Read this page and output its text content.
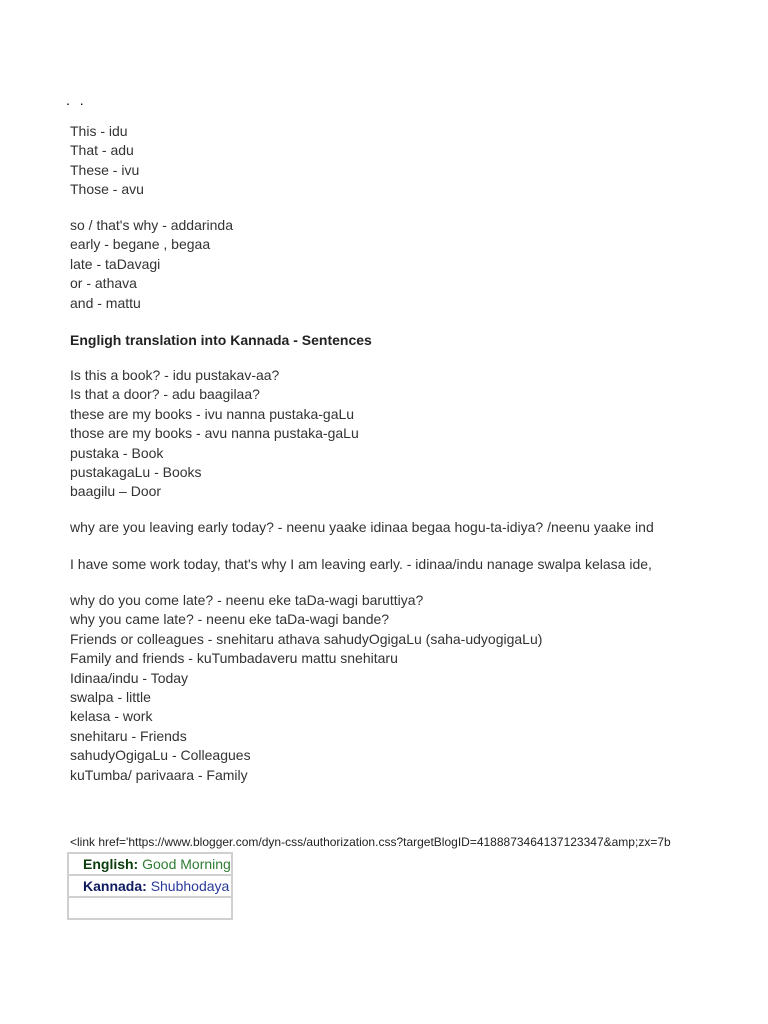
. .
This - idu
That - adu
These - ivu
Those - avu
so / that's why - addarinda
early - begane , begaa
late - taDavagi
or - athava
and - mattu
Engligh translation into Kannada - Sentences
Is this a book? - idu pustakav-aa?
Is that a door? - adu baagilaa?
these are my books - ivu nanna pustaka-gaLu
those are my books - avu nanna pustaka-gaLu
pustaka - Book
pustakagaLu - Books
baagilu – Door
why are you leaving early today? - neenu yaake idinaa begaa hogu-ta-idiya? /neenu yaake ind
I have some work today, that's why I am leaving early. - idinaa/indu nanage swalpa kelasa ide,
why do you come late? - neenu eke taDa-wagi baruttiya?
why you came late? - neenu eke taDa-wagi bande?
Friends or colleagues - snehitaru athava sahudyOgigaLu (saha-udyogigaLu)
Family and friends - kuTumbadaveru mattu snehitaru
Idinaa/indu - Today
swalpa - little
kelasa - work
snehitaru - Friends
sahudyOgigaLu - Colleagues
kuTumba/ parivaara - Family
<link href='https://www.blogger.com/dyn-css/authorization.css?targetBlogID=4188873464137123347&amp;zx=7b
English: Good Morning
Kannada: Shubhodaya
